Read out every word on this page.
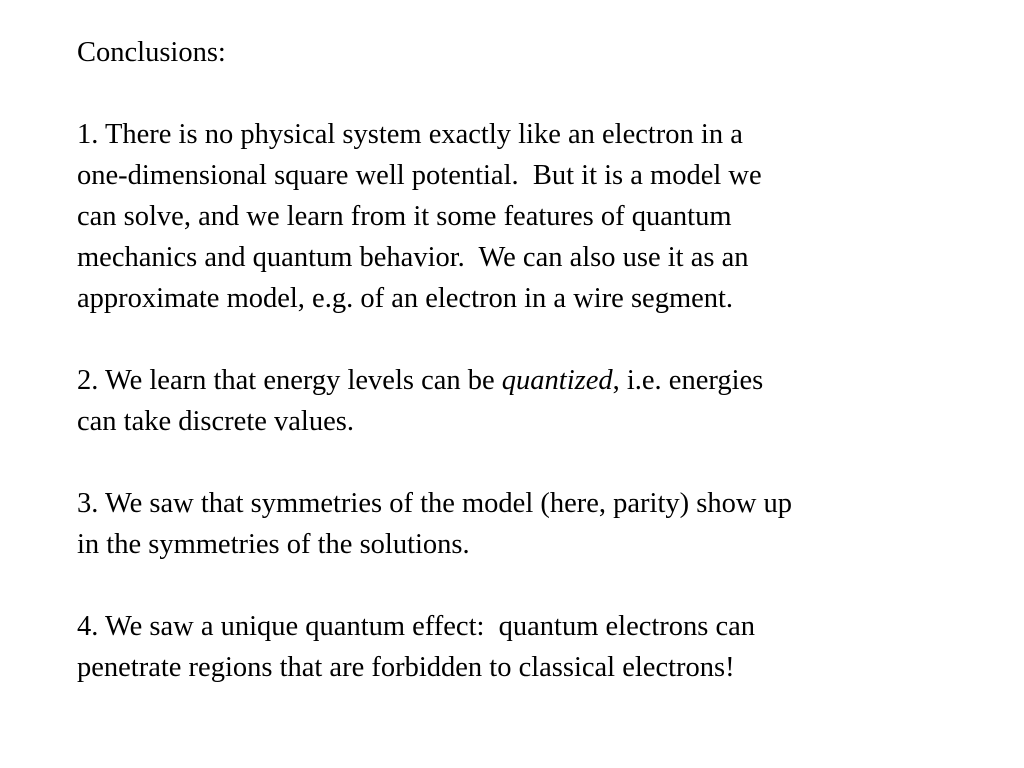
Conclusions:
1. There is no physical system exactly like an electron in a
one-dimensional square well potential.  But it is a model we
can solve, and we learn from it some features of quantum
mechanics and quantum behavior.  We can also use it as an
approximate model, e.g. of an electron in a wire segment.
2. We learn that energy levels can be quantized, i.e. energies
can take discrete values.
3. We saw that symmetries of the model (here, parity) show up
in the symmetries of the solutions.
4. We saw a unique quantum effect:  quantum electrons can
penetrate regions that are forbidden to classical electrons!
